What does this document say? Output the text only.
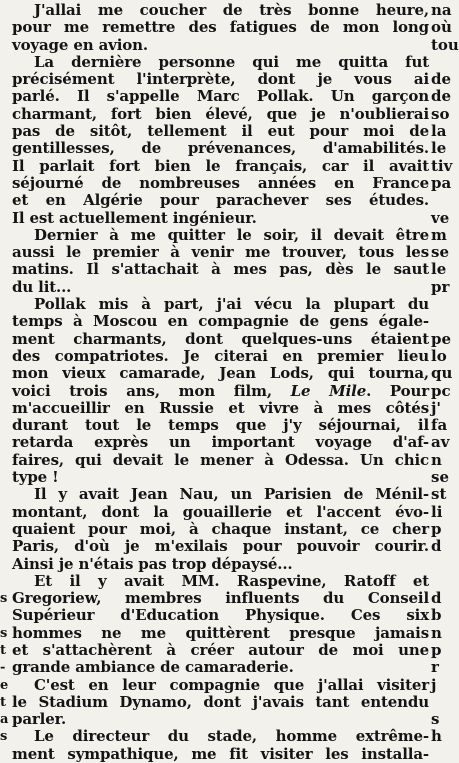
s
s
t
-
e
t
a
s
J'allai me coucher de très bonne heure,
pour me remettre des fatigues de mon long
voyage en avion.
La dernière personne qui me quitta fut
précisément l'interprète, dont je vous ai
parlé. Il s'appelle Marc Pollak. Un garçon
charmant, fort bien élevé, que je n'oublierai
pas de sitôt, tellement il eut pour moi de
gentillesses, de prévenances, d'amabilités.
Il parlait fort bien le français, car il avait
séjourné de nombreuses années en France
et en Algérie pour parachever ses études.
Il est actuellement ingénieur.
Dernier à me quitter le soir, il devait être
aussi le premier à venir me trouver, tous les
matins. Il s'attachait à mes pas, dès le saut
du lit...
Pollak mis à part, j'ai vécu la plupart du
temps à Moscou en compagnie de gens égale-
ment charmants, dont quelques-uns étaient
des compatriotes. Je citerai en premier lieu
mon vieux camarade, Jean Lods, qui tourna,
voici trois ans, mon film, Le Mile. Pour
m'accueillir en Russie et vivre à mes côtés
durant tout le temps que j'y séjournai, il
retarda exprès un important voyage d'af-
faires, qui devait le mener à Odessa. Un chic
type !
Il y avait Jean Nau, un Parisien de Ménil-
montant, dont la gouaillerie et l'accent évo-
quaient pour moi, à chaque instant, ce cher
Paris, d'où je m'exilais pour pouvoir courir.
Ainsi je n'étais pas trop dépaysé...
Et il y avait MM. Raspevine, Ratoff et
Gregoriew, membres influents du Conseil
Supérieur d'Education Physique. Ces six
hommes ne me quittèrent presque jamais
et s'attachèrent à créer autour de moi une
grande ambiance de camaraderie.
C'est en leur compagnie que j'allai visiter
le Stadium Dynamo, dont j'avais tant entendu
parler.
Le directeur du stade, homme extrême-
ment sympathique, me fit visiter les installa-
na
où
tou
de
de
so
la
le
tiv
pa
ve
m
se
le
pr
pe
lo
qu
pc
j'
fa
av
n
se
st
li
p
d
d
b
n
p
r
j
s
h
